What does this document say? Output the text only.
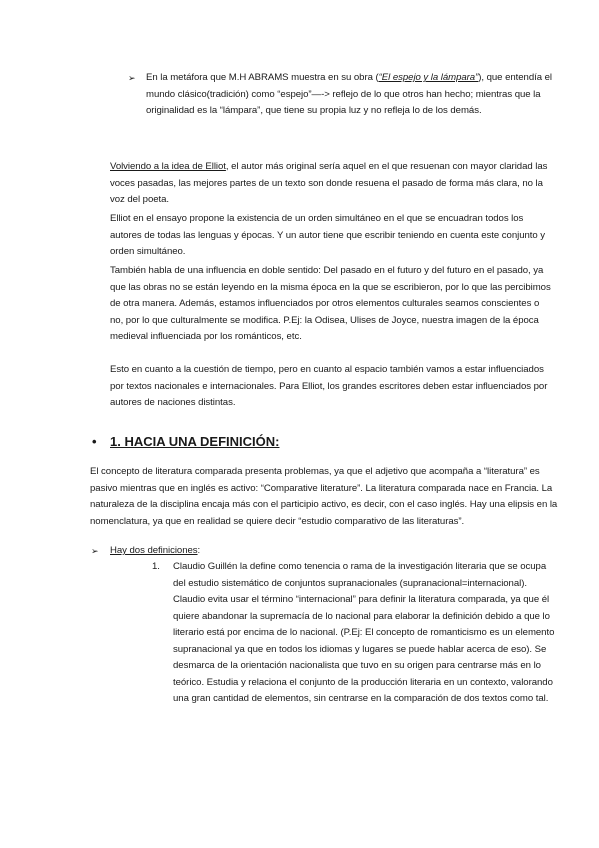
➢ En la metáfora que M.H ABRAMS muestra en su obra (“El espejo y la lámpara”), que entendía el mundo clásico(tradición) como “espejo”—-> reflejo de lo que otros han hecho; mientras que la originalidad es la “lámpara”, que tiene su propia luz y no refleja lo de los demás.

Volviendo a la idea de Elliot, el autor más original sería aquel en el que resuenan con mayor claridad las voces pasadas, las mejores partes de un texto son donde resuena el pasado de forma más clara, no la voz del poeta.

Elliot en el ensayo propone la existencia de un orden simultáneo en el que se encuadran todos los autores de todas las lenguas y épocas. Y un autor tiene que escribir teniendo en cuenta este conjunto y orden simultáneo.

También habla de una influencia en doble sentido: Del pasado en el futuro y del futuro en el pasado, ya que las obras no se están leyendo en la misma época en la que se escribieron, por lo que las percibimos de otra manera. Además, estamos influenciados por otros elementos culturales seamos conscientes o no, por lo que culturalmente se modifica. P.Ej: la Odisea, Ulises de Joyce, nuestra imagen de la época medieval influenciada por los románticos, etc.

Esto en cuanto a la cuestión de tiempo, pero en cuanto al espacio también vamos a estar influenciados por textos nacionales e internacionales. Para Elliot, los grandes escritores deben estar influenciados por autores de naciones distintas.

• 1. HACIA UNA DEFINICIÓN:

El concepto de literatura comparada presenta problemas, ya que el adjetivo que acompaña a “literatura” es pasivo mientras que en inglés es activo: “Comparative literature”. La literatura comparada nace en Francia. La naturaleza de la disciplina encaja más con el participio activo, es decir, con el caso inglés. Hay una elipsis en la nomenclatura, ya que en realidad se quiere decir “estudio comparativo de las literaturas”.

➢ Hay dos definiciones:

1. Claudio Guillén la define como tenencia o rama de la investigación literaria que se ocupa del estudio sistemático de conjuntos supranacionales (supranacional=internacional). Claudio evita usar el término “internacional” para definir la literatura comparada, ya que él quiere abandonar la supremacía de lo nacional para elaborar la definición debido a que lo literario está por encima de lo nacional. (P.Ej: El concepto de romanticismo es un elemento supranacional ya que en todos los idiomas y lugares se puede hablar acerca de eso). Se desmarca de la orientación nacionalista que tuvo en su origen para centrarse más en lo teórico. Estudia y relaciona el conjunto de la producción literaria en un contexto, valorando una gran cantidad de elementos, sin centrarse en la comparación de dos textos como tal.
